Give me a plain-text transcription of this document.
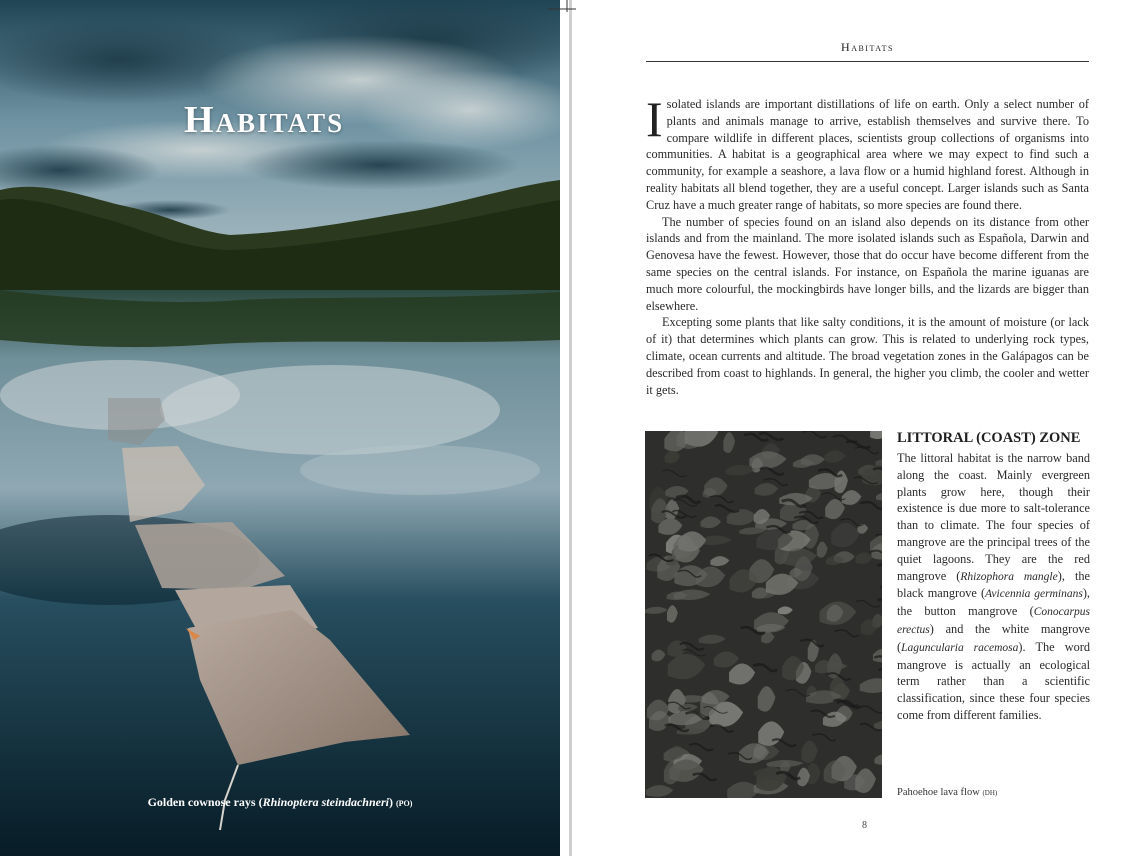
Habitats
Golden cownose rays (Rhinoptera steindachneri) (PO)
Habitats

Isolated islands are important distillations of life on earth. Only a select number of plants and animals manage to arrive, establish themselves and survive there. To compare wildlife in different places, scientists group collections of organisms into communities. A habitat is a geographical area where we may expect to find such a community, for example a seashore, a lava flow or a humid highland forest. Although in reality habitats all blend together, they are a useful concept. Larger islands such as Santa Cruz have a much greater range of habitats, so more species are found there.

The number of species found on an island also depends on its distance from other islands and from the mainland. The more isolated islands such as Española, Darwin and Genovesa have the fewest. However, those that do occur have become different from the same species on the central islands. For instance, on Española the marine iguanas are much more colourful, the mockingbirds have longer bills, and the lizards are bigger than elsewhere.

Excepting some plants that like salty conditions, it is the amount of moisture (or lack of it) that determines which plants can grow. This is related to underlying rock types, climate, ocean currents and altitude. The broad vegetation zones in the Galápagos can be described from coast to highlands. In general, the higher you climb, the cooler and wetter it gets.

LITTORAL (COAST) ZONE

The littoral habitat is the narrow band along the coast. Mainly evergreen plants grow here, though their existence is due more to salt-tolerance than to climate. The four species of mangrove are the principal trees of the quiet lagoons. They are the red mangrove (Rhizophora mangle), the black mangrove (Avicennia germinans), the button mangrove (Conocarpus erectus) and the white mangrove (Laguncularia racemosa). The word mangrove is actually an ecological term rather than a scientific classification, since these four species come from different families.

Pahoehoe lava flow (DH)
8
